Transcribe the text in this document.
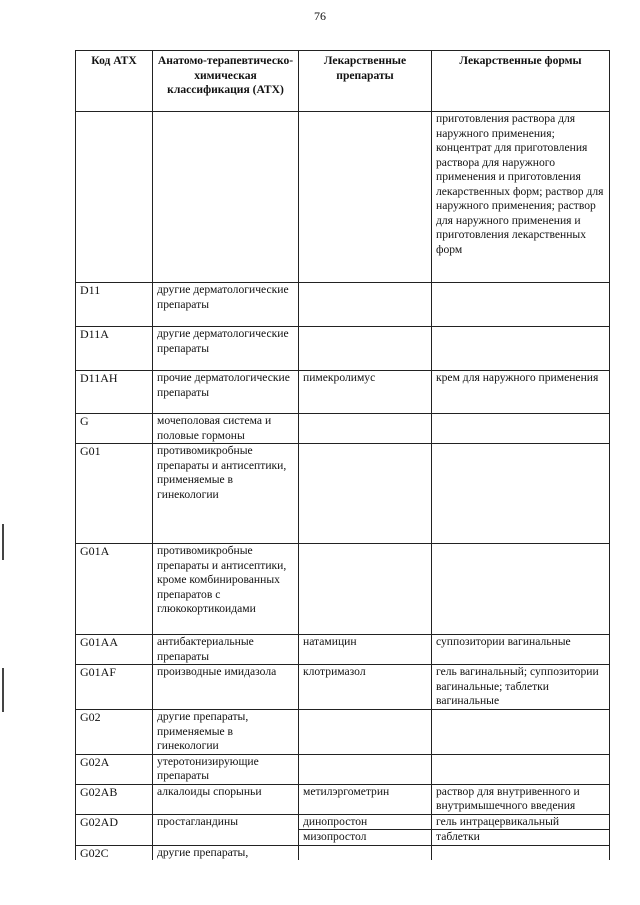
76
Код АТХ	Анатомо-терапевтическо-химическая классификация (АТХ)	Лекарственные препараты	Лекарственные формы
			приготовления раствора для наружного применения; концентрат для приготовления раствора для наружного применения и приготовления лекарственных форм; раствор для наружного применения; раствор для наружного применения и приготовления лекарственных форм
D11	другие дерматологические препараты		
D11A	другие дерматологические препараты		
D11AH	прочие дерматологические препараты	пимекролимус	крем для наружного применения
G	мочеполовая система и половые гормоны		
G01	противомикробные препараты и антисептики, применяемые в гинекологии		
G01A	противомикробные препараты и антисептики, кроме комбинированных препаратов с глюкокортикоидами		
G01AA	антибактериальные препараты	натамицин	суппозитории вагинальные
G01AF	производные имидазола	клотримазол	гель вагинальный; суппозитории вагинальные; таблетки вагинальные
G02	другие препараты, применяемые в гинекологии		
G02A	утеротонизирующие препараты		
G02AB	алкалоиды спорыньи	метилэргометрин	раствор для внутривенного и внутримышечного введения
G02AD	простагландины	динопростон	гель интрацервикальный
		мизопростол	таблетки
G02C	другие препараты,		
